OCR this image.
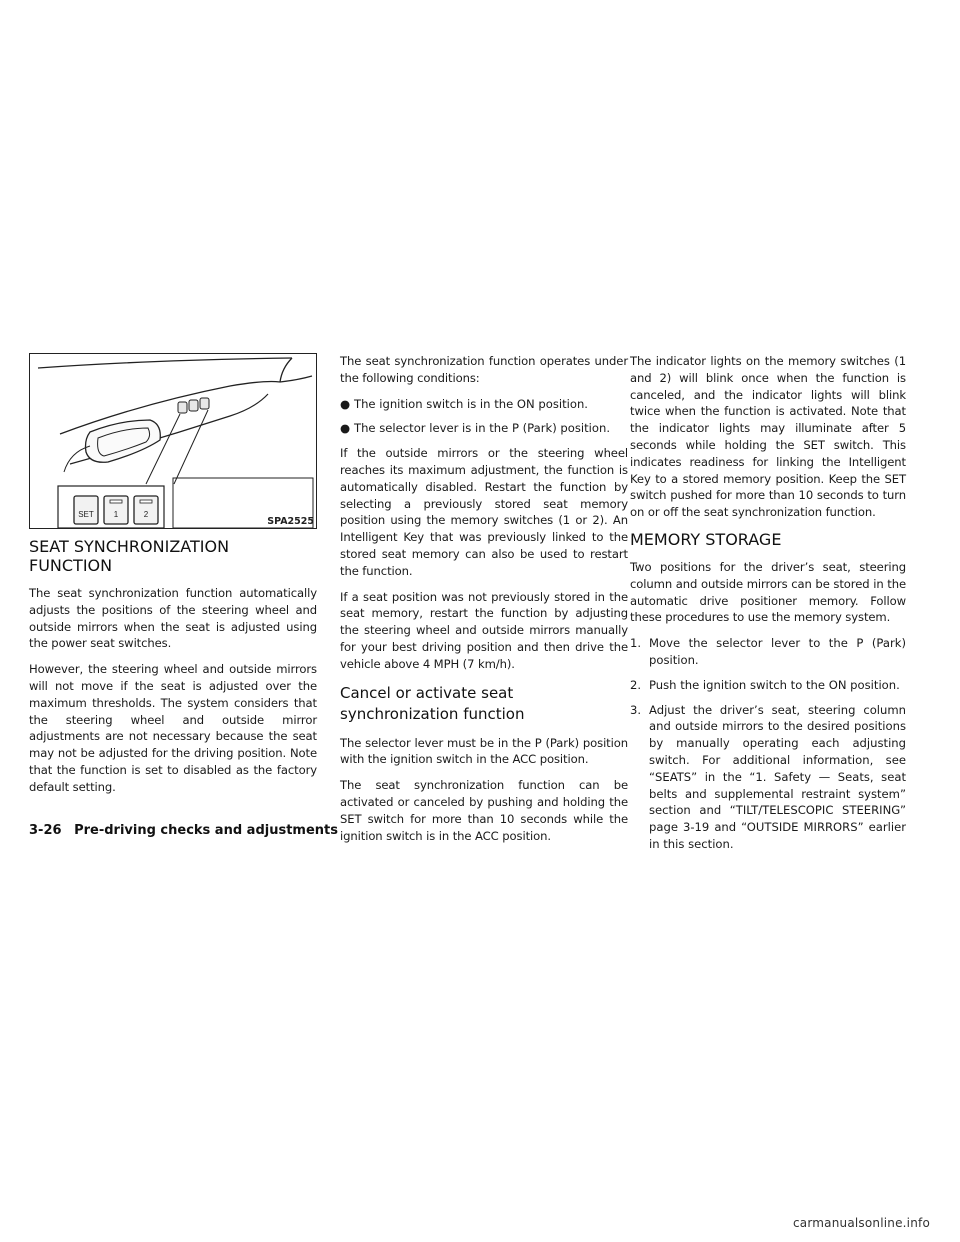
SET 1	2
SPA2525
SEAT SYNCHRONIZATION FUNCTION

The seat synchronization function automatically adjusts the positions of the steering wheel and outside mirrors when the seat is adjusted using the power seat switches.

However, the steering wheel and outside mirrors will not move if the seat is adjusted over the maximum thresholds. The system considers that the steering wheel and outside mirror adjustments are not necessary because the seat may not be adjusted for the driving position. Note that the function is set to disabled as the factory default setting.

The seat synchronization function operates under the following conditions:

● The ignition switch is in the ON position.
● The selector lever is in the P (Park) position.

If the outside mirrors or the steering wheel reaches its maximum adjustment, the function is automatically disabled. Restart the function by selecting a previously stored seat memory position using the memory switches (1 or 2). An Intelligent Key that was previously linked to the stored seat memory can also be used to restart the function.

If a seat position was not previously stored in the seat memory, restart the function by adjusting the steering wheel and outside mirrors manually for your best driving position and then drive the vehicle above 4 MPH (7 km/h).

Cancel or activate seat synchronization function

The selector lever must be in the P (Park) position with the ignition switch in the ACC position.

The seat synchronization function can be activated or canceled by pushing and holding the SET switch for more than 10 seconds while the ignition switch is in the ACC position.

The indicator lights on the memory switches (1 and 2) will blink once when the function is canceled, and the indicator lights will blink twice when the function is activated. Note that the indicator lights may illuminate after 5 seconds while holding the SET switch. This indicates readiness for linking the Intelligent Key to a stored memory position. Keep the SET switch pushed for more than 10 seconds to turn on or off the seat synchronization function.

MEMORY STORAGE

Two positions for the driver’s seat, steering column and outside mirrors can be stored in the automatic drive positioner memory. Follow these procedures to use the memory system.

1. Move the selector lever to the P (Park) position.
2. Push the ignition switch to the ON position.
3. Adjust the driver’s seat, steering column and outside mirrors to the desired positions by manually operating each adjusting switch. For additional information, see “SEATS” in the “1. Safety — Seats, seat belts and supplemental restraint system” section and “TILT/TELESCOPIC STEERING” page 3-19 and “OUTSIDE MIRRORS” earlier in this section.
3-26 Pre-driving checks and adjustments
carmanualsonline.info
